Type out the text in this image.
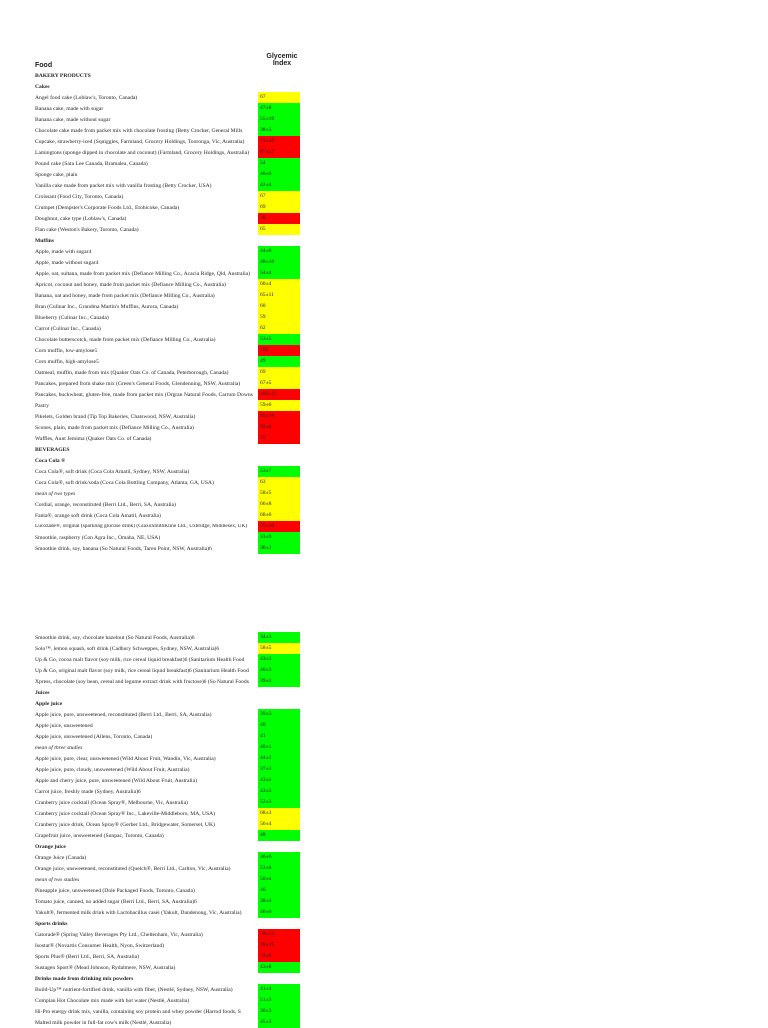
Food
Glycemic
Index
BAKERY PRODUCTS
Cakes
Angel food cake (Loblaw's, Toronto, Canada)	67
Banana cake, made with sugar	47±8
Banana cake, made without sugar	55±10
Chocolate cake made from packet mix with chocolate frosting (Betty Crocker, General Mills	38±3
Cupcake, strawberry-iced (Squiggles, Farmland, Grocery Holdings, Tooronga, Vic, Australia)	73±10
Lamingtons (sponge dipped in chocolate and coconut) (Farmland, Grocery Holdings, Australia)	87±17
Pound cake (Sara Lee Canada, Bramalea, Canada)	54
Sponge cake, plain	46±6
Vanilla cake made from packet mix with vanilla frosting (Betty Crocker, USA)	42±4
Croissant (Food City, Toronto, Canada)	67
Crumpet (Dempster's Corporate Foods Ltd., Etobicoke, Canada)	69
Doughnut, cake type (Loblaw's, Canada)	76
Flan cake (Weston's Bakery, Toronto, Canada)	65
Muffins
Apple, made with sugar4	44±6
Apple, made without sugar4	48±10
Apple, oat, sultana, made from packet mix (Defiance Milling Co., Acacia Ridge, Qld, Australia)	54±4
Apricot, coconut and honey, made from packet mix (Defiance Milling Co., Australia)	60±4
Banana, oat and honey, made from packet mix (Defiance Milling Co., Australia)	65±11
Bran (Culinar Inc., Grandma Martin's Muffins, Aurora, Canada)	60
Blueberry (Culinar Inc., Canada)	59
Carrot (Culinar Inc., Canada)	62
Chocolate butterscotch, made from packet mix (Defiance Milling Co., Australia)	53±5
Corn muffin, low-amylose5	102
Corn muffin, high-amylose5	49
Oatmeal, muffin, made from mix (Quaker Oats Co. of Canada, Peterborough, Canada)	69
Pancakes, prepared from shake mix (Green's General Foods, Glendenning, NSW, Australia)	67±5
Pancakes, buckwheat, gluten-free, made from packet mix (Orgran Natural Foods, Carrum Downs	102±11
Pastry	59±6
Pikelets, Golden brand (Tip Top Bakeries, Chatswood, NSW, Australia)	85±10
Scones, plain, made from packet mix (Defiance Milling Co., Australia)	92±8
Waffles, Aunt Jemima (Quaker Oats Co. of Canada)	76
BEVERAGES
Coca Cola ®
Coca Cola®, soft drink (Coca Cola Amatil, Sydney, NSW, Australia)	53±7
Coca Cola®, soft drink/soda (Coca Cola Bottling Company, Atlanta, GA, USA)	63
mean of two types	58±5
Cordial, orange, reconstituted (Berri Ltd., Berri, SA, Australia)	66±8
Fanta®, orange soft drink (Coca Cola Amatil, Australia)	68±6
Lucozade®, original (sparkling glucose drink) (GlaxoSmithKline Ltd., Uxbridge, Middlesex, UK)	95±10
Smoothie, raspberry (Con Agra Inc., Omaha, NE, USA)	33±9
Smoothie drink, soy, banana (So Natural Foods, Taren Point, NSW, Australia)6	30±2
Smoothie drink, soy, chocolate hazelnut (So Natural Foods, Australia)6	34±3
Solo™, lemon squash, soft drink (Cadbury Schweppes, Sydney, NSW, Australia)6	58±5
Up & Go, cocoa malt flavor (soy milk, rice cereal liquid breakfast)6 (Sanitarium Health Food	43±3
Up & Go, original malt flavor (soy milk, rice cereal liquid breakfast)6 (Sanitarium Health Food	46±3
Xpress, chocolate (soy bean, cereal and legume extract drink with fructose)6 (So Natural Foods	39±2
Juices
Apple juice
Apple juice, pure, unsweetened, reconstituted (Berri Ltd., Berri, SA, Australia)	39±3
Apple juice, unsweetened	40
Apple juice, unsweetened (Allens, Toronto, Canada)	41
mean of three studies	40±1
Apple juice, pure, clear, unsweetened (Wild About Fruit, Wandin, Vic, Australia)	44±2
Apple juice, pure, cloudy, unsweetened (Wild About Fruit, Australia)	37±3
Apple and cherry juice, pure, unsweetened (Wild About Fruit, Australia)	43±2
Carrot juice, freshly made (Sydney, Australia)6	43±3
Cranberry juice cocktail (Ocean Spray®, Melbourne, Vic, Australia)	52±3
Cranberry juice cocktail (Ocean Spray® Inc., Lakeville-Middleboro, MA, USA)	68±3
Cranberry juice drink, Ocean Spray® (Gerber Ltd., Bridgewater, Somerset, UK)	56±4
Grapefruit juice, unsweetened (Sunpac, Toronto, Canada)	48
Orange juice
Orange Juice (Canada)	46±6
Orange juice, unsweetened, reconstituted (Quelch®, Berri Ltd., Carlton, Vic, Australia)	53±6
mean of two studies	50±4
Pineapple juice, unsweetened (Dole Packaged Foods, Toronto, Canada)	46
Tomato juice, canned, no added sugar (Berri Ltd., Berri, SA, Australia)6	38±4
Yakult®, fermented milk drink with Lactobacillus casei (Yakult, Dandenong, Vic, Australia)	46±6
Sports drinks
Gatorade® (Spring Valley Beverages Pty Ltd., Cheltenham, Vic, Australia)	78±13
Isostar® (Novartis Consumer Health, Nyon, Switzerland)	70±15
Sports Plus® (Berri Ltd., Berri, SA, Australia)	74±8
Sustagen Sport® (Mead Johnson, Rydalmere, NSW, Australia)	43±8
Drinks made from drinking mix powders
Build-Up™ nutrient-fortified drink, vanilla with fiber, (Nestlé, Sydney, NSW, Australia)	41±4
Complan Hot Chocolate mix made with hot water (Nestlé, Australia)	51±3
Hi-Pro energy drink mix, vanilla, containing soy protein and whey powder (Harrod foods, S	36±3
Malted milk powder in full-fat cow's milk (Nestlé, Australia)	45±3
